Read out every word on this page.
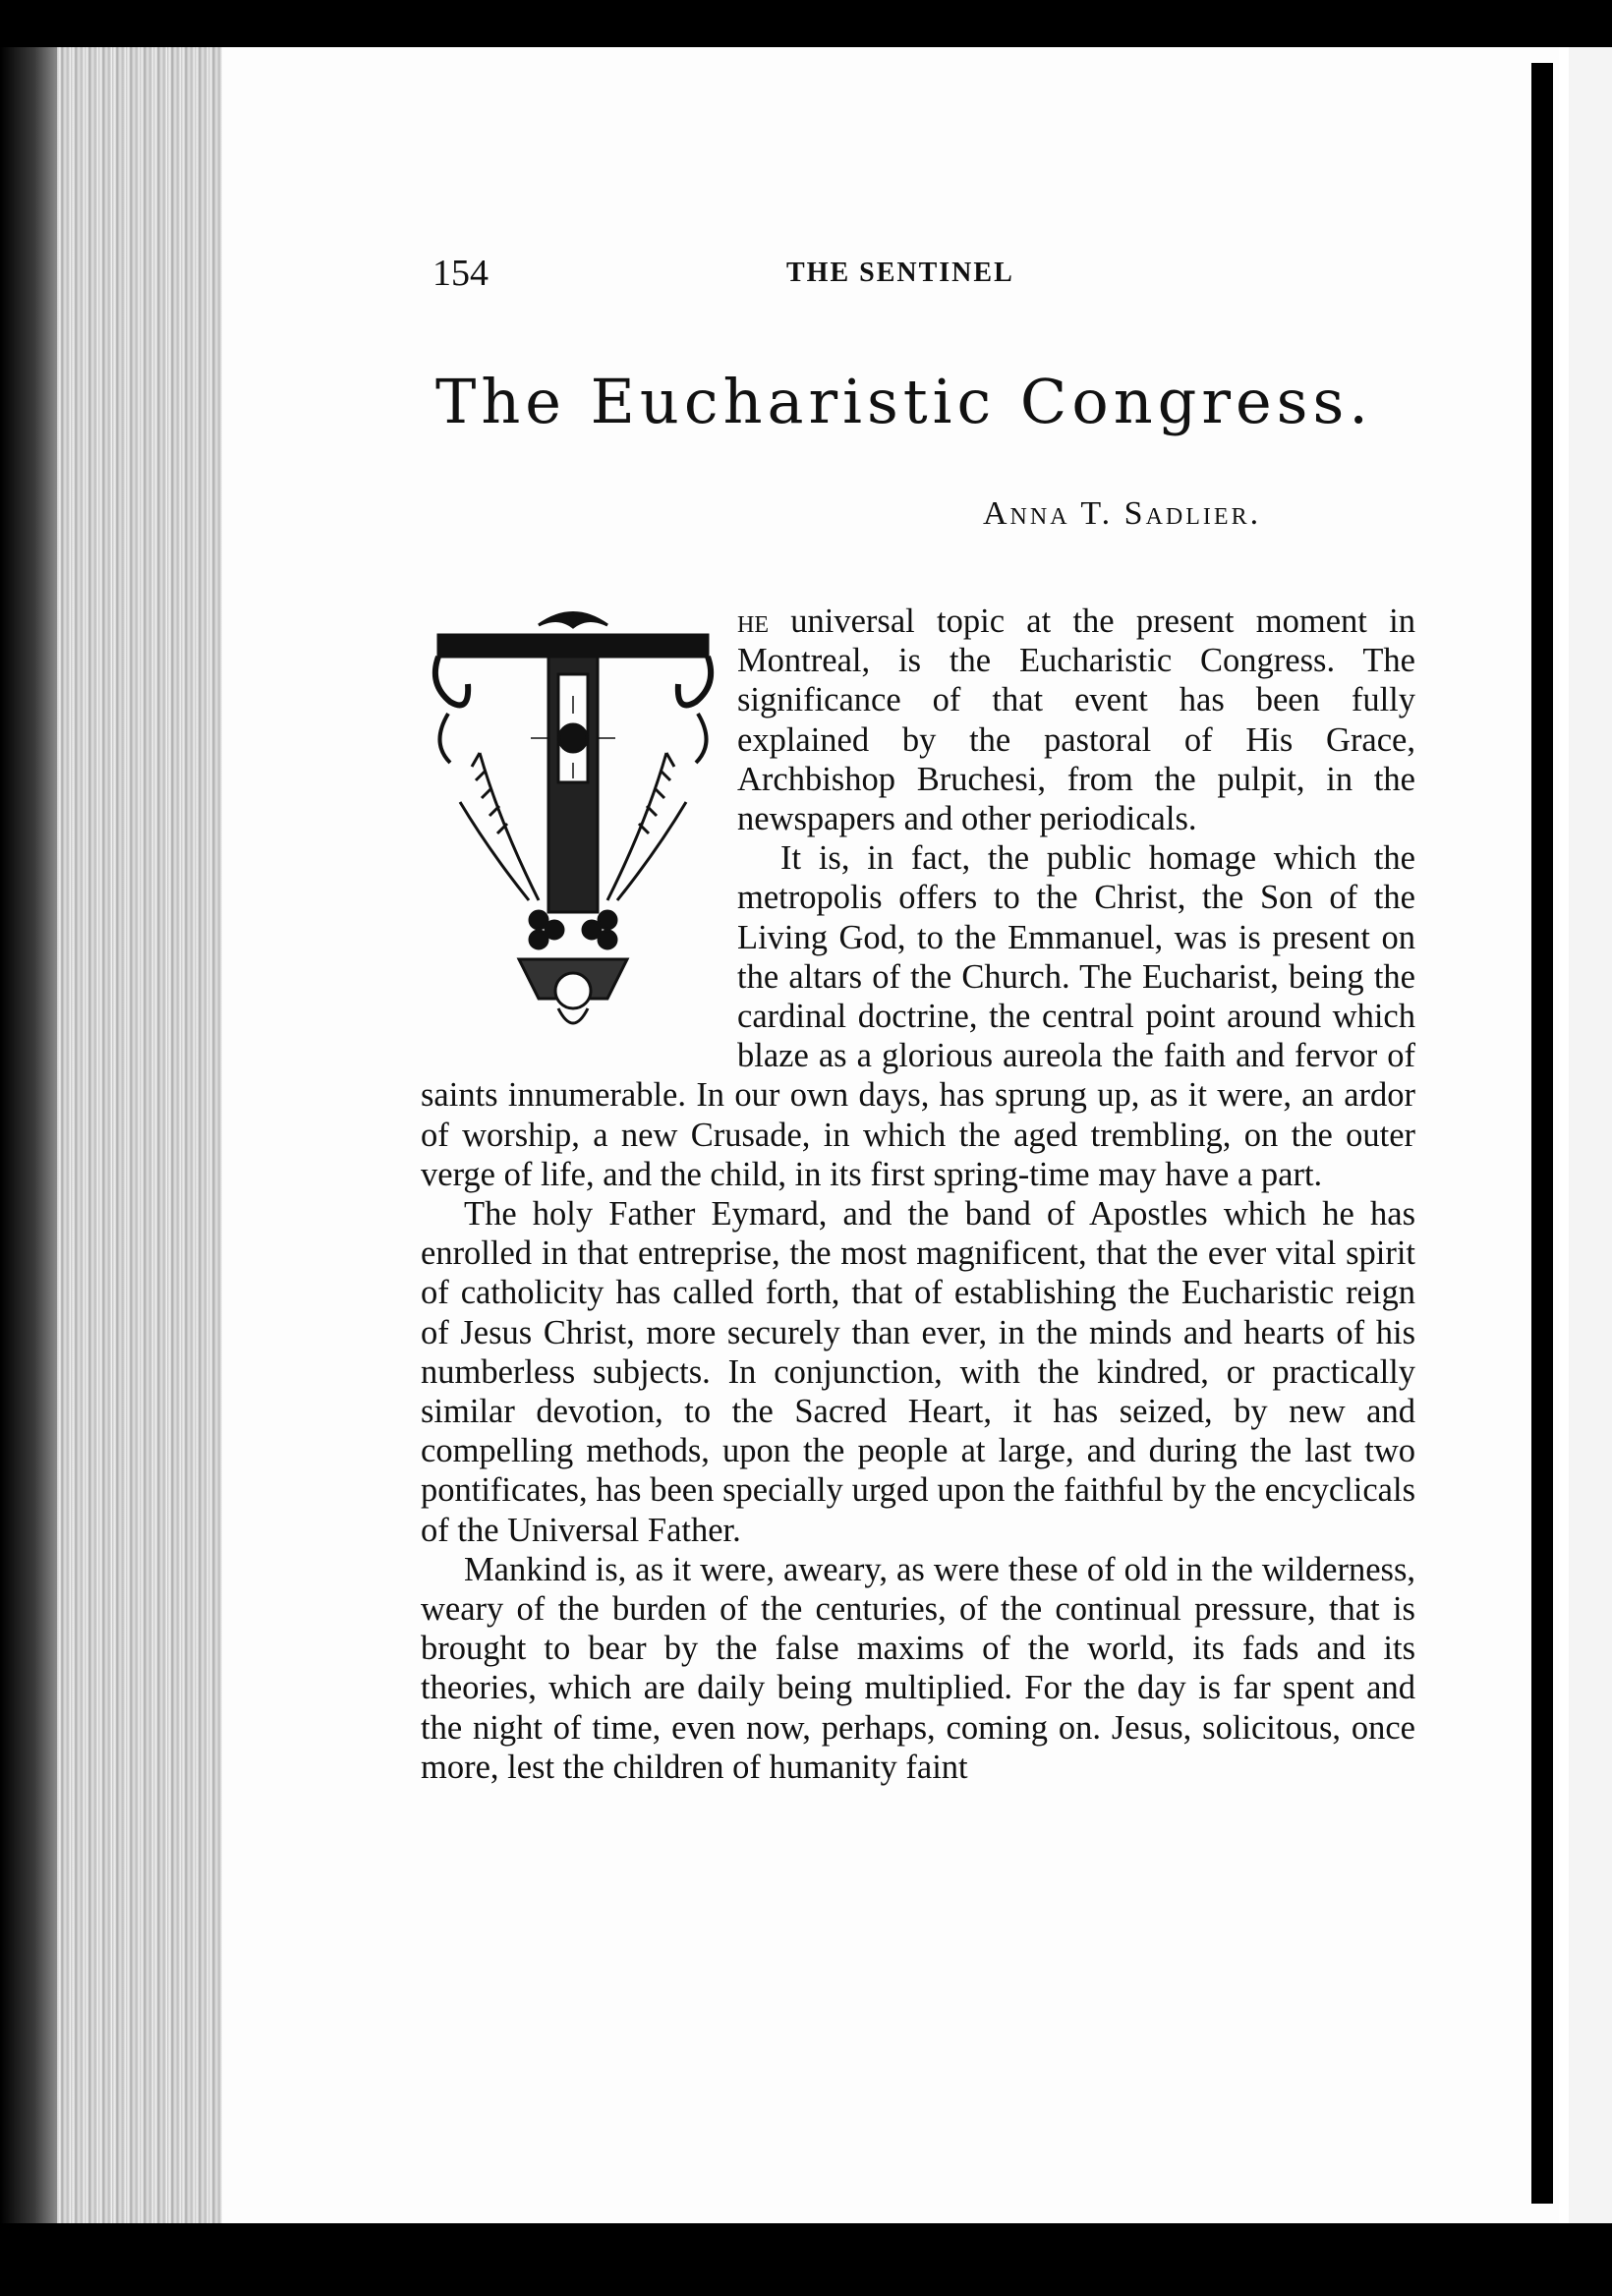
154	THE SENTINEL
The Eucharistic Congress.
Anna T. Sadlier.

he universal topic at the present moment in Montreal, is the Eucharistic Congress. The significance of that event has been fully explained by the pastoral of His Grace, Archbishop Bruchesi, from the pulpit, in the newspapers and other periodicals.

It is, in fact, the public homage which the metropolis offers to the Christ, the Son of the Living God, to the Emmanuel, was is present on the altars of the Church. The Eucharist, being the cardinal doctrine, the central point around which blaze as a glorious aureola the faith and fervor of saints innumerable. In our own days, has sprung up, as it were, an ardor of worship, a new Crusade, in which the aged trembling, on the outer verge of life, and the child, in its first spring-time may have a part.

The holy Father Eymard, and the band of Apostles which he has enrolled in that entreprise, the most magnificent, that the ever vital spirit of catholicity has called forth, that of establishing the Eucharistic reign of Jesus Christ, more securely than ever, in the minds and hearts of his numberless subjects. In conjunction, with the kindred, or practically similar devotion, to the Sacred Heart, it has seized, by new and compelling methods, upon the people at large, and during the last two pontificates, has been specially urged upon the faithful by the encyclicals of the Universal Father.

Mankind is, as it were, aweary, as were these of old in the wilderness, weary of the burden of the centuries, of the continual pressure, that is brought to bear by the false maxims of the world, its fads and its theories, which are daily being multiplied. For the day is far spent and the night of time, even now, perhaps, coming on. Jesus, solicitous, once more, lest the children of humanity faint
